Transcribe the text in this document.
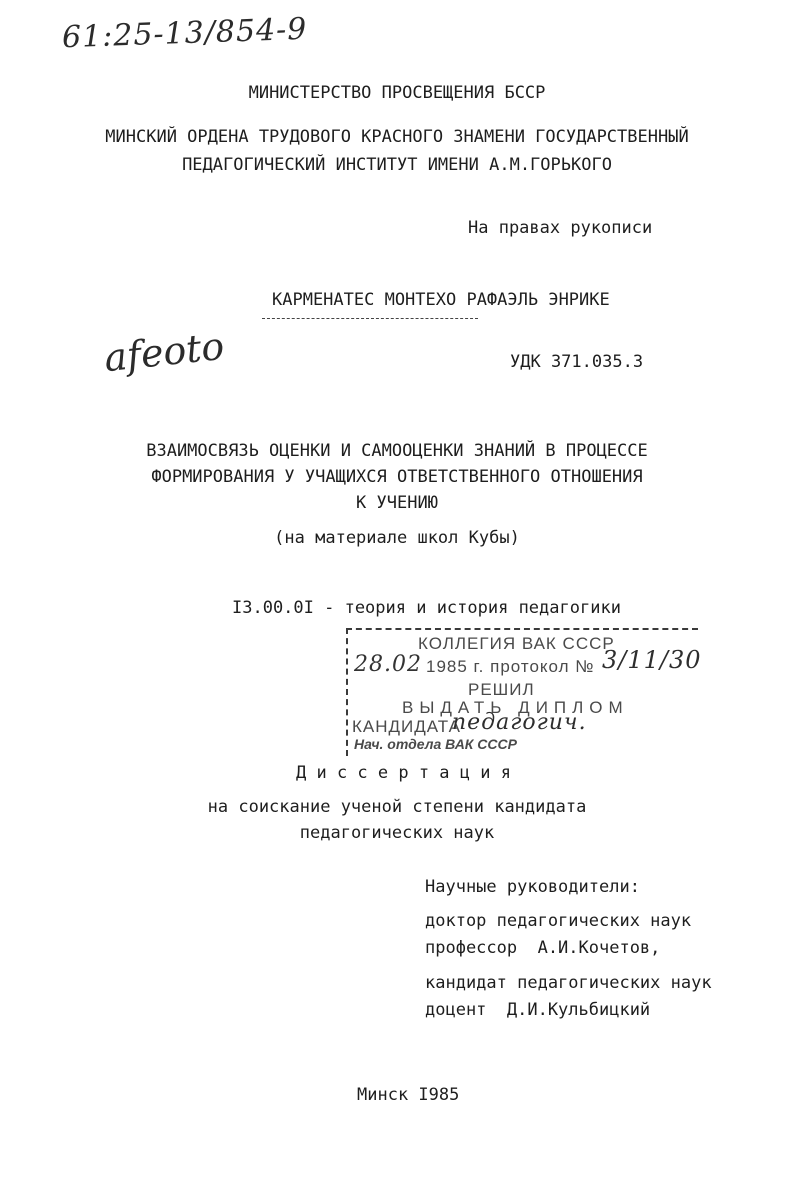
61:25-13/854-9
МИНИСТЕРСТВО ПРОСВЕЩЕНИЯ БССР
МИНСКИЙ ОРДЕНА ТРУДОВОГО КРАСНОГО ЗНАМЕНИ ГОСУДАРСТВЕННЫЙ
ПЕДАГОГИЧЕСКИЙ ИНСТИТУТ ИМЕНИ А.М.ГОРЬКОГО
На правах рукописи
КАРМЕНАТЕС МОНТЕХО РАФАЭЛЬ ЭНРИКЕ
afeoto	УДК 371.035.3
ВЗАИМОСВЯЗЬ ОЦЕНКИ И САМООЦЕНКИ ЗНАНИЙ В ПРОЦЕССЕ
ФОРМИРОВАНИЯ У УЧАЩИХСЯ ОТВЕТСТВЕННОГО ОТНОШЕНИЯ
К УЧЕНИЮ
(на материале школ Кубы)
I3.00.0I - теория и история педагогики
КОЛЛЕГИЯ ВАК СССР
28.02 1985 г. протокол № 3/11/30
РЕШИЛ
ВЫДАТЬ ДИПЛОМ
КАНДИДАТА
педагогич.
Нач. отдела ВАК СССР
Д и с с е р т а ц и я
на соискание ученой степени кандидата
педагогических наук
Научные руководители:
доктор педагогических наук
профессор  А.И.Кочетов,
кандидат педагогических наук
доцент  Д.И.Кульбицкий
Минск I985
